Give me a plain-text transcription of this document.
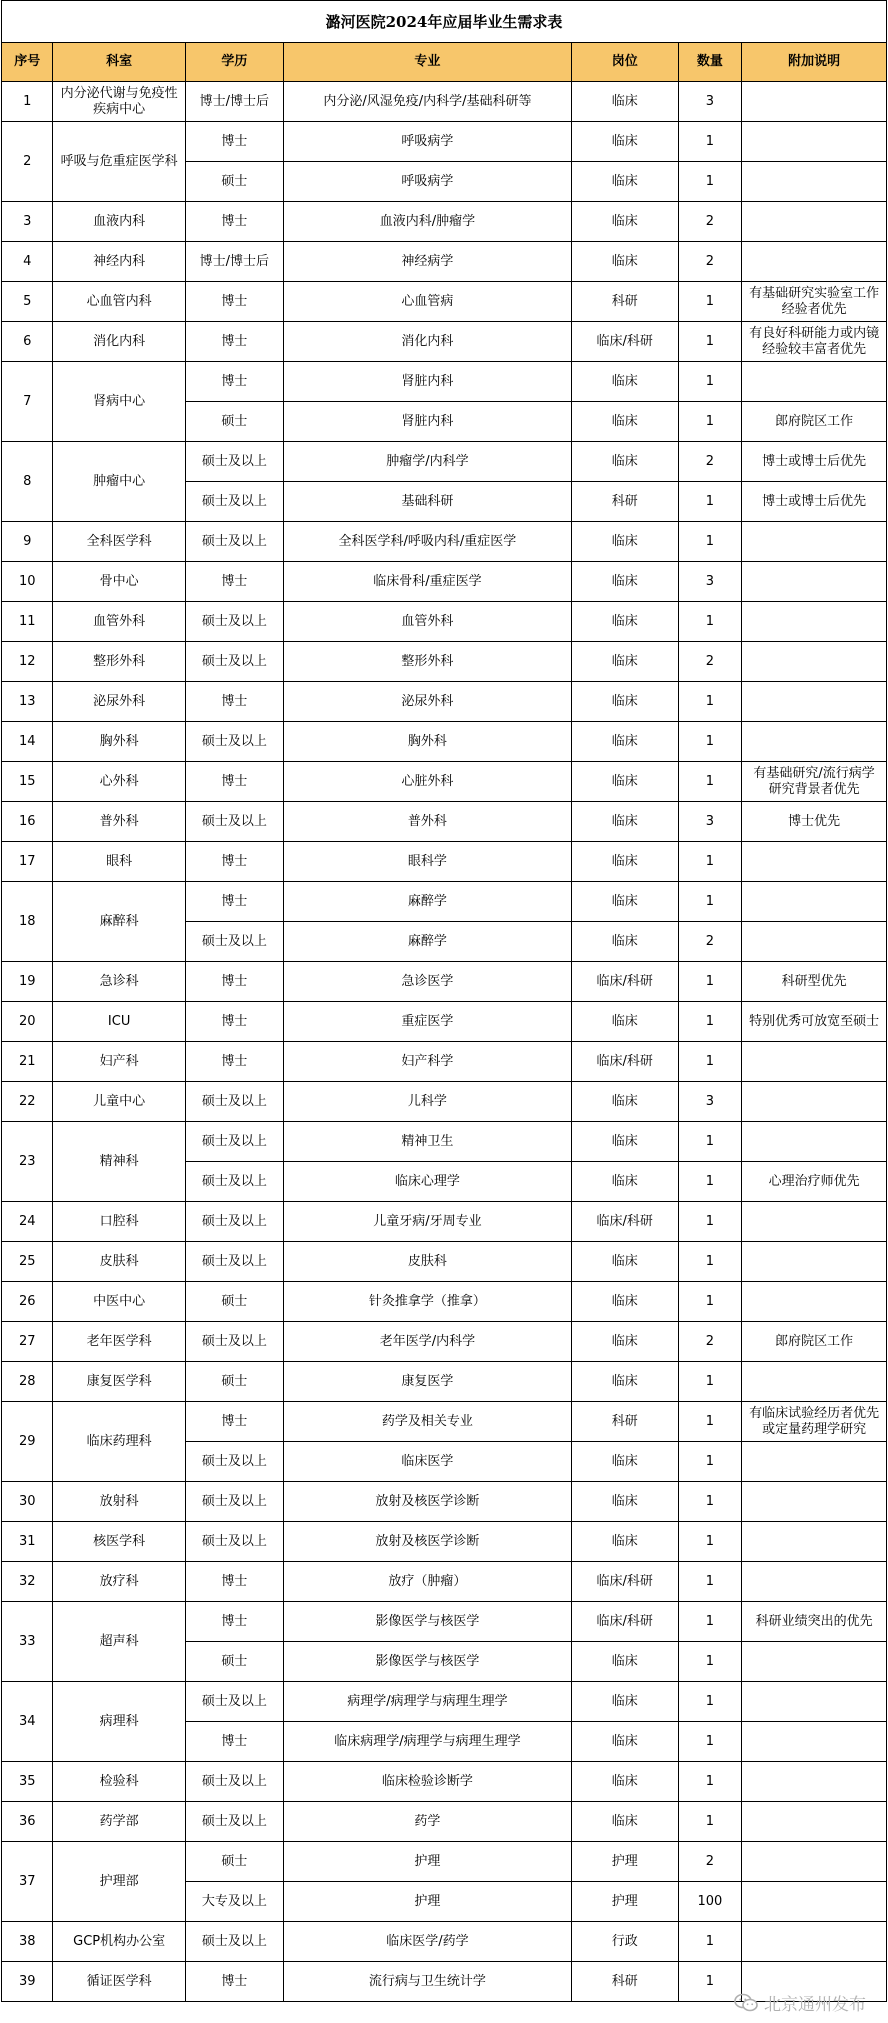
潞河医院2024年应届毕业生需求表						
序号	科室	学历	专业	岗位	数量	附加说明
1	内分泌代谢与免疫性疾病中心	博士/博士后	内分泌/风湿免疫/内科学/基础科研等	临床	3	
2	呼吸与危重症医学科	博士	呼吸病学	临床	1	
		硕士	呼吸病学	临床	1	
3	血液内科	博士	血液内科/肿瘤学	临床	2	
4	神经内科	博士/博士后	神经病学	临床	2	
5	心血管内科	博士	心血管病	科研	1	有基础研究实验室工作经验者优先
6	消化内科	博士	消化内科	临床/科研	1	有良好科研能力或内镜经验较丰富者优先
7	肾病中心	博士	肾脏内科	临床	1	
		硕士	肾脏内科	临床	1	郎府院区工作
8	肿瘤中心	硕士及以上	肿瘤学/内科学	临床	2	博士或博士后优先
		硕士及以上	基础科研	科研	1	博士或博士后优先
9	全科医学科	硕士及以上	全科医学科/呼吸内科/重症医学	临床	1	
10	骨中心	博士	临床骨科/重症医学	临床	3	
11	血管外科	硕士及以上	血管外科	临床	1	
12	整形外科	硕士及以上	整形外科	临床	2	
13	泌尿外科	博士	泌尿外科	临床	1	
14	胸外科	硕士及以上	胸外科	临床	1	
15	心外科	博士	心脏外科	临床	1	有基础研究/流行病学研究背景者优先
16	普外科	硕士及以上	普外科	临床	3	博士优先
17	眼科	博士	眼科学	临床	1	
18	麻醉科	博士	麻醉学	临床	1	
		硕士及以上	麻醉学	临床	2	
19	急诊科	博士	急诊医学	临床/科研	1	科研型优先
20	ICU	博士	重症医学	临床	1	特别优秀可放宽至硕士
21	妇产科	博士	妇产科学	临床/科研	1	
22	儿童中心	硕士及以上	儿科学	临床	3	
23	精神科	硕士及以上	精神卫生	临床	1	
		硕士及以上	临床心理学	临床	1	心理治疗师优先
24	口腔科	硕士及以上	儿童牙病/牙周专业	临床/科研	1	
25	皮肤科	硕士及以上	皮肤科	临床	1	
26	中医中心	硕士	针灸推拿学（推拿）	临床	1	
27	老年医学科	硕士及以上	老年医学/内科学	临床	2	郎府院区工作
28	康复医学科	硕士	康复医学	临床	1	
29	临床药理科	博士	药学及相关专业	科研	1	有临床试验经历者优先或定量药理学研究
		硕士及以上	临床医学	临床	1	
30	放射科	硕士及以上	放射及核医学诊断	临床	1	
31	核医学科	硕士及以上	放射及核医学诊断	临床	1	
32	放疗科	博士	放疗（肿瘤）	临床/科研	1	
33	超声科	博士	影像医学与核医学	临床/科研	1	科研业绩突出的优先
		硕士	影像医学与核医学	临床	1	
34	病理科	硕士及以上	病理学/病理学与病理生理学	临床	1	
		博士	临床病理学/病理学与病理生理学	临床	1	
35	检验科	硕士及以上	临床检验诊断学	临床	1	
36	药学部	硕士及以上	药学	临床	1	
37	护理部	硕士	护理	护理	2	
		大专及以上	护理	护理	100	
38	GCP机构办公室	硕士及以上	临床医学/药学	行政	1	
39	循证医学科	博士	流行病与卫生统计学	科研	1	
北京通州发布
